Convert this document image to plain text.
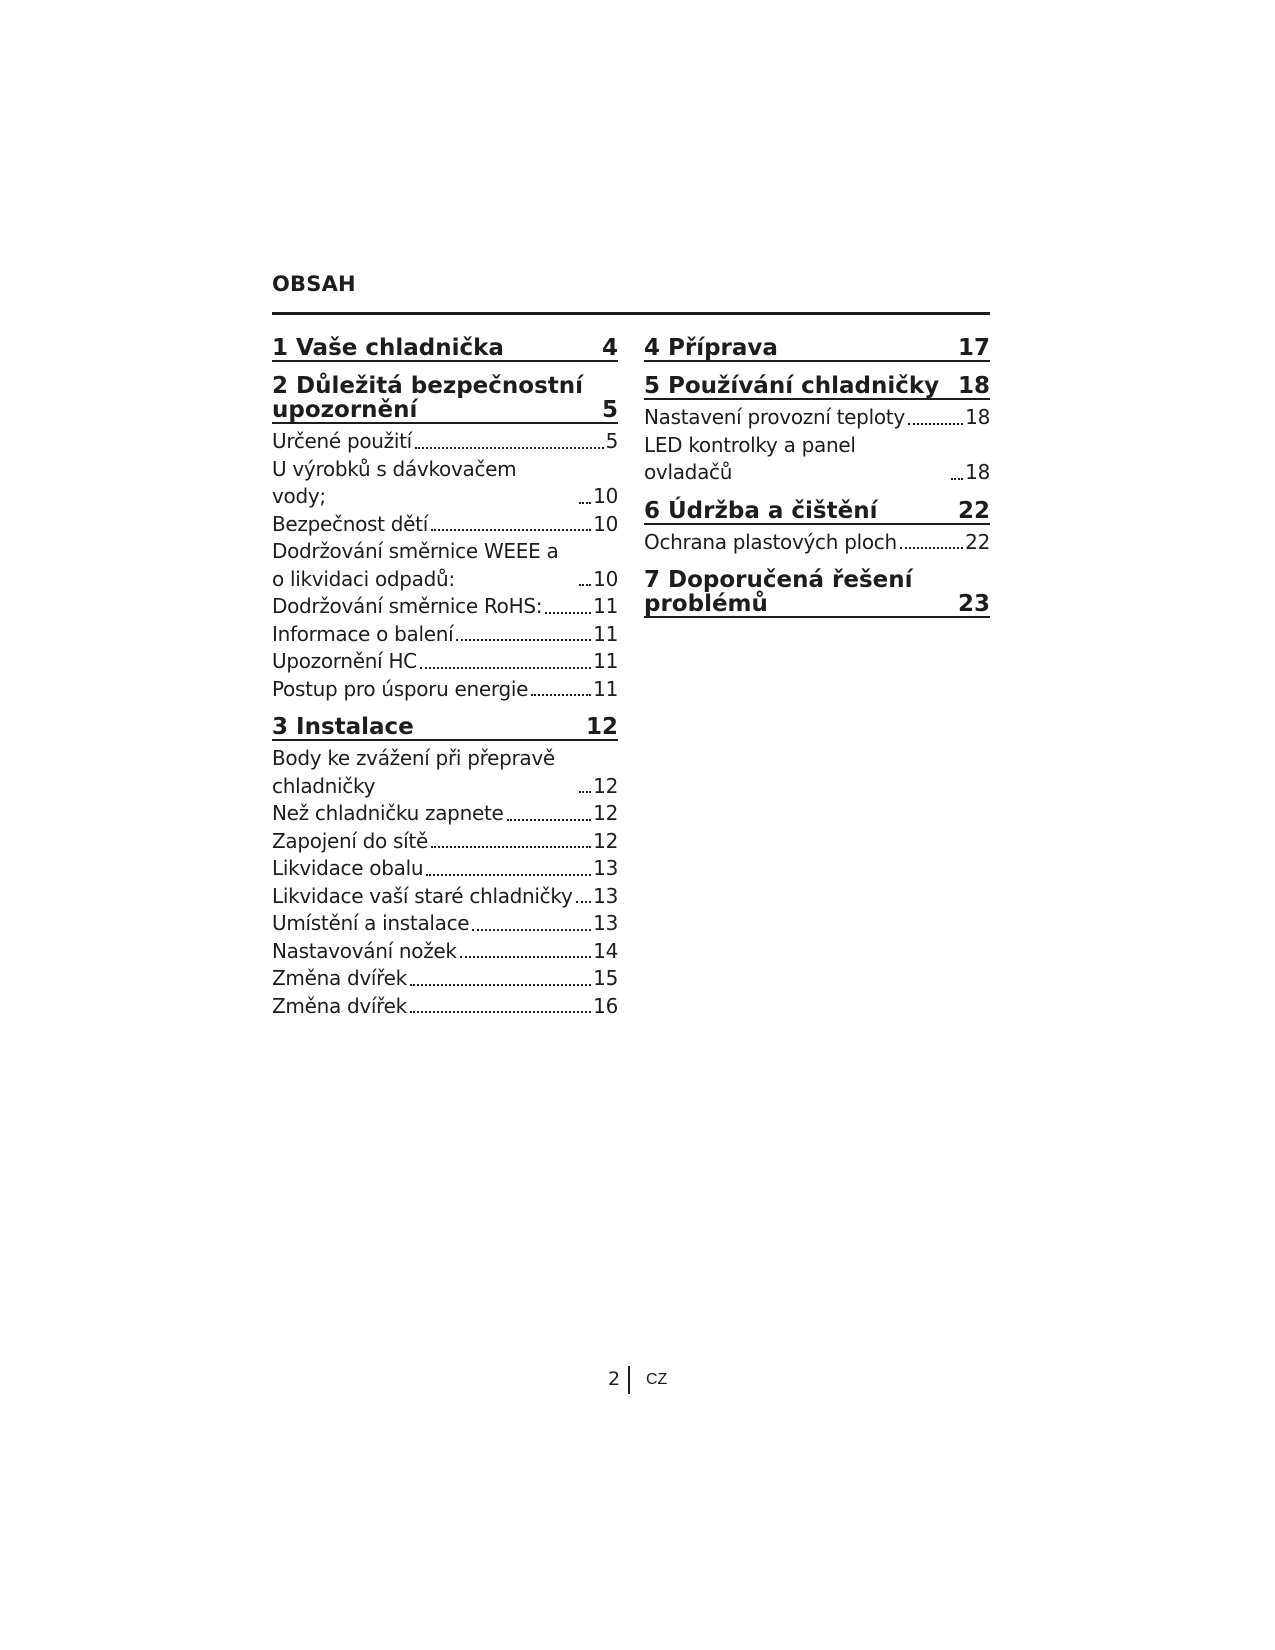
OBSAH
1 Vaše chladnička	4
2 Důležitá bezpečnostní upozornění	5
Určené použití	5
U výrobků s dávkovačem vody;	10
Bezpečnost dětí	10
Dodržování směrnice WEEE a o likvidaci odpadů:	10
Dodržování směrnice RoHS:	11
Informace o balení	11
Upozornění HC	11
Postup pro úsporu energie	11
3 Instalace	12
Body ke zvážení při přepravě chladničky	12
Než chladničku zapnete	12
Zapojení do sítě	12
Likvidace obalu	13
Likvidace vaší staré chladničky 13
Umístění a instalace	13
Nastavování nožek	14
Změna dvířek	15
Změna dvířek	16
4 Příprava	17
5 Používání chladničky 18
Nastavení provozní teploty	18
LED kontrolky a panel ovladačů	18
6 Údržba a čištění	22
Ochrana plastových ploch	22
7 Doporučená řešení problémů	23
2 CZ
